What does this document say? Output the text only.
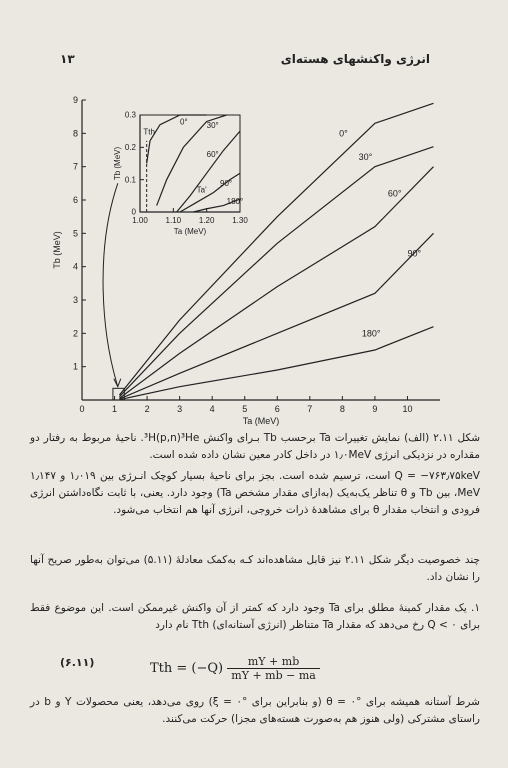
۱۳	انرژی واکنشهای هسته‌ای
0	1	2	3	4	5	6	7	8	9	10
1
2
3
4
5
6
7
8
9
Ta (MeV)
Tb (MeV)
0°
30°
60°
90°
180°
1.00 1.10 1.20 1.30
0
0.1
0.2
0.3
Ta (MeV)
Tb (MeV)
0° 30°
60°
90°
180°
Tth
Ta'
شکل ۲.۱۱ (الف) نمایش تغییرات Ta برحسب Tb بـرای واکنش ³H(p,n)³He. ناحیهٔ مربوط به رفتار دو مقداره در نزدیکی انرژی ۱٫۰MeV در داخل کادر معین نشان داده شده است.
Q = −۷۶۳٫۷۵keV است، ترسیم شده است. بجز برای ناحیهٔ بسیار کوچک انـرژی بین ۱٫۰۱۹ و ۱٫۱۴۷ MeV، بین Tb و θ تناظر یک‌به‌یک (به‌ازای مقدار مشخص Ta) وجود دارد. یعنی، با ثابت نگاه‌داشتن انرژی فرودی و انتخاب مقدار θ برای مشاهدهٔ ذرات خروجی، انرژی آنها هم انتخاب می‌شود.
چند خصوصیت دیگر شکل ۲.۱۱ نیز قابل مشاهده‌اند کـه به‌کمک معادلهٔ (۵.۱۱) می‌توان به‌طور صریح آنها را نشان داد.
۱. یک مقدار کمینهٔ مطلق برای Ta وجود دارد که کمتر از آن واکنش غیرممکن است. این موضوع فقط برای Q < ۰ رخ می‌دهد که مقدار Ta متناظر (انرژی آستانه‌ای) Tth نام دارد
(۶.۱۱)	Tth = $(-Q) \frac{mY + mb}{mY + mb - ma}$
شرط آستانه همیشه برای θ = ۰° (و بنابراین برای ξ = ۰°) روی می‌دهد، یعنی محصولات Y و b در راستای مشترکی (ولی هنوز هم به‌صورت هسته‌های مجزا) حرکت می‌کنند.
